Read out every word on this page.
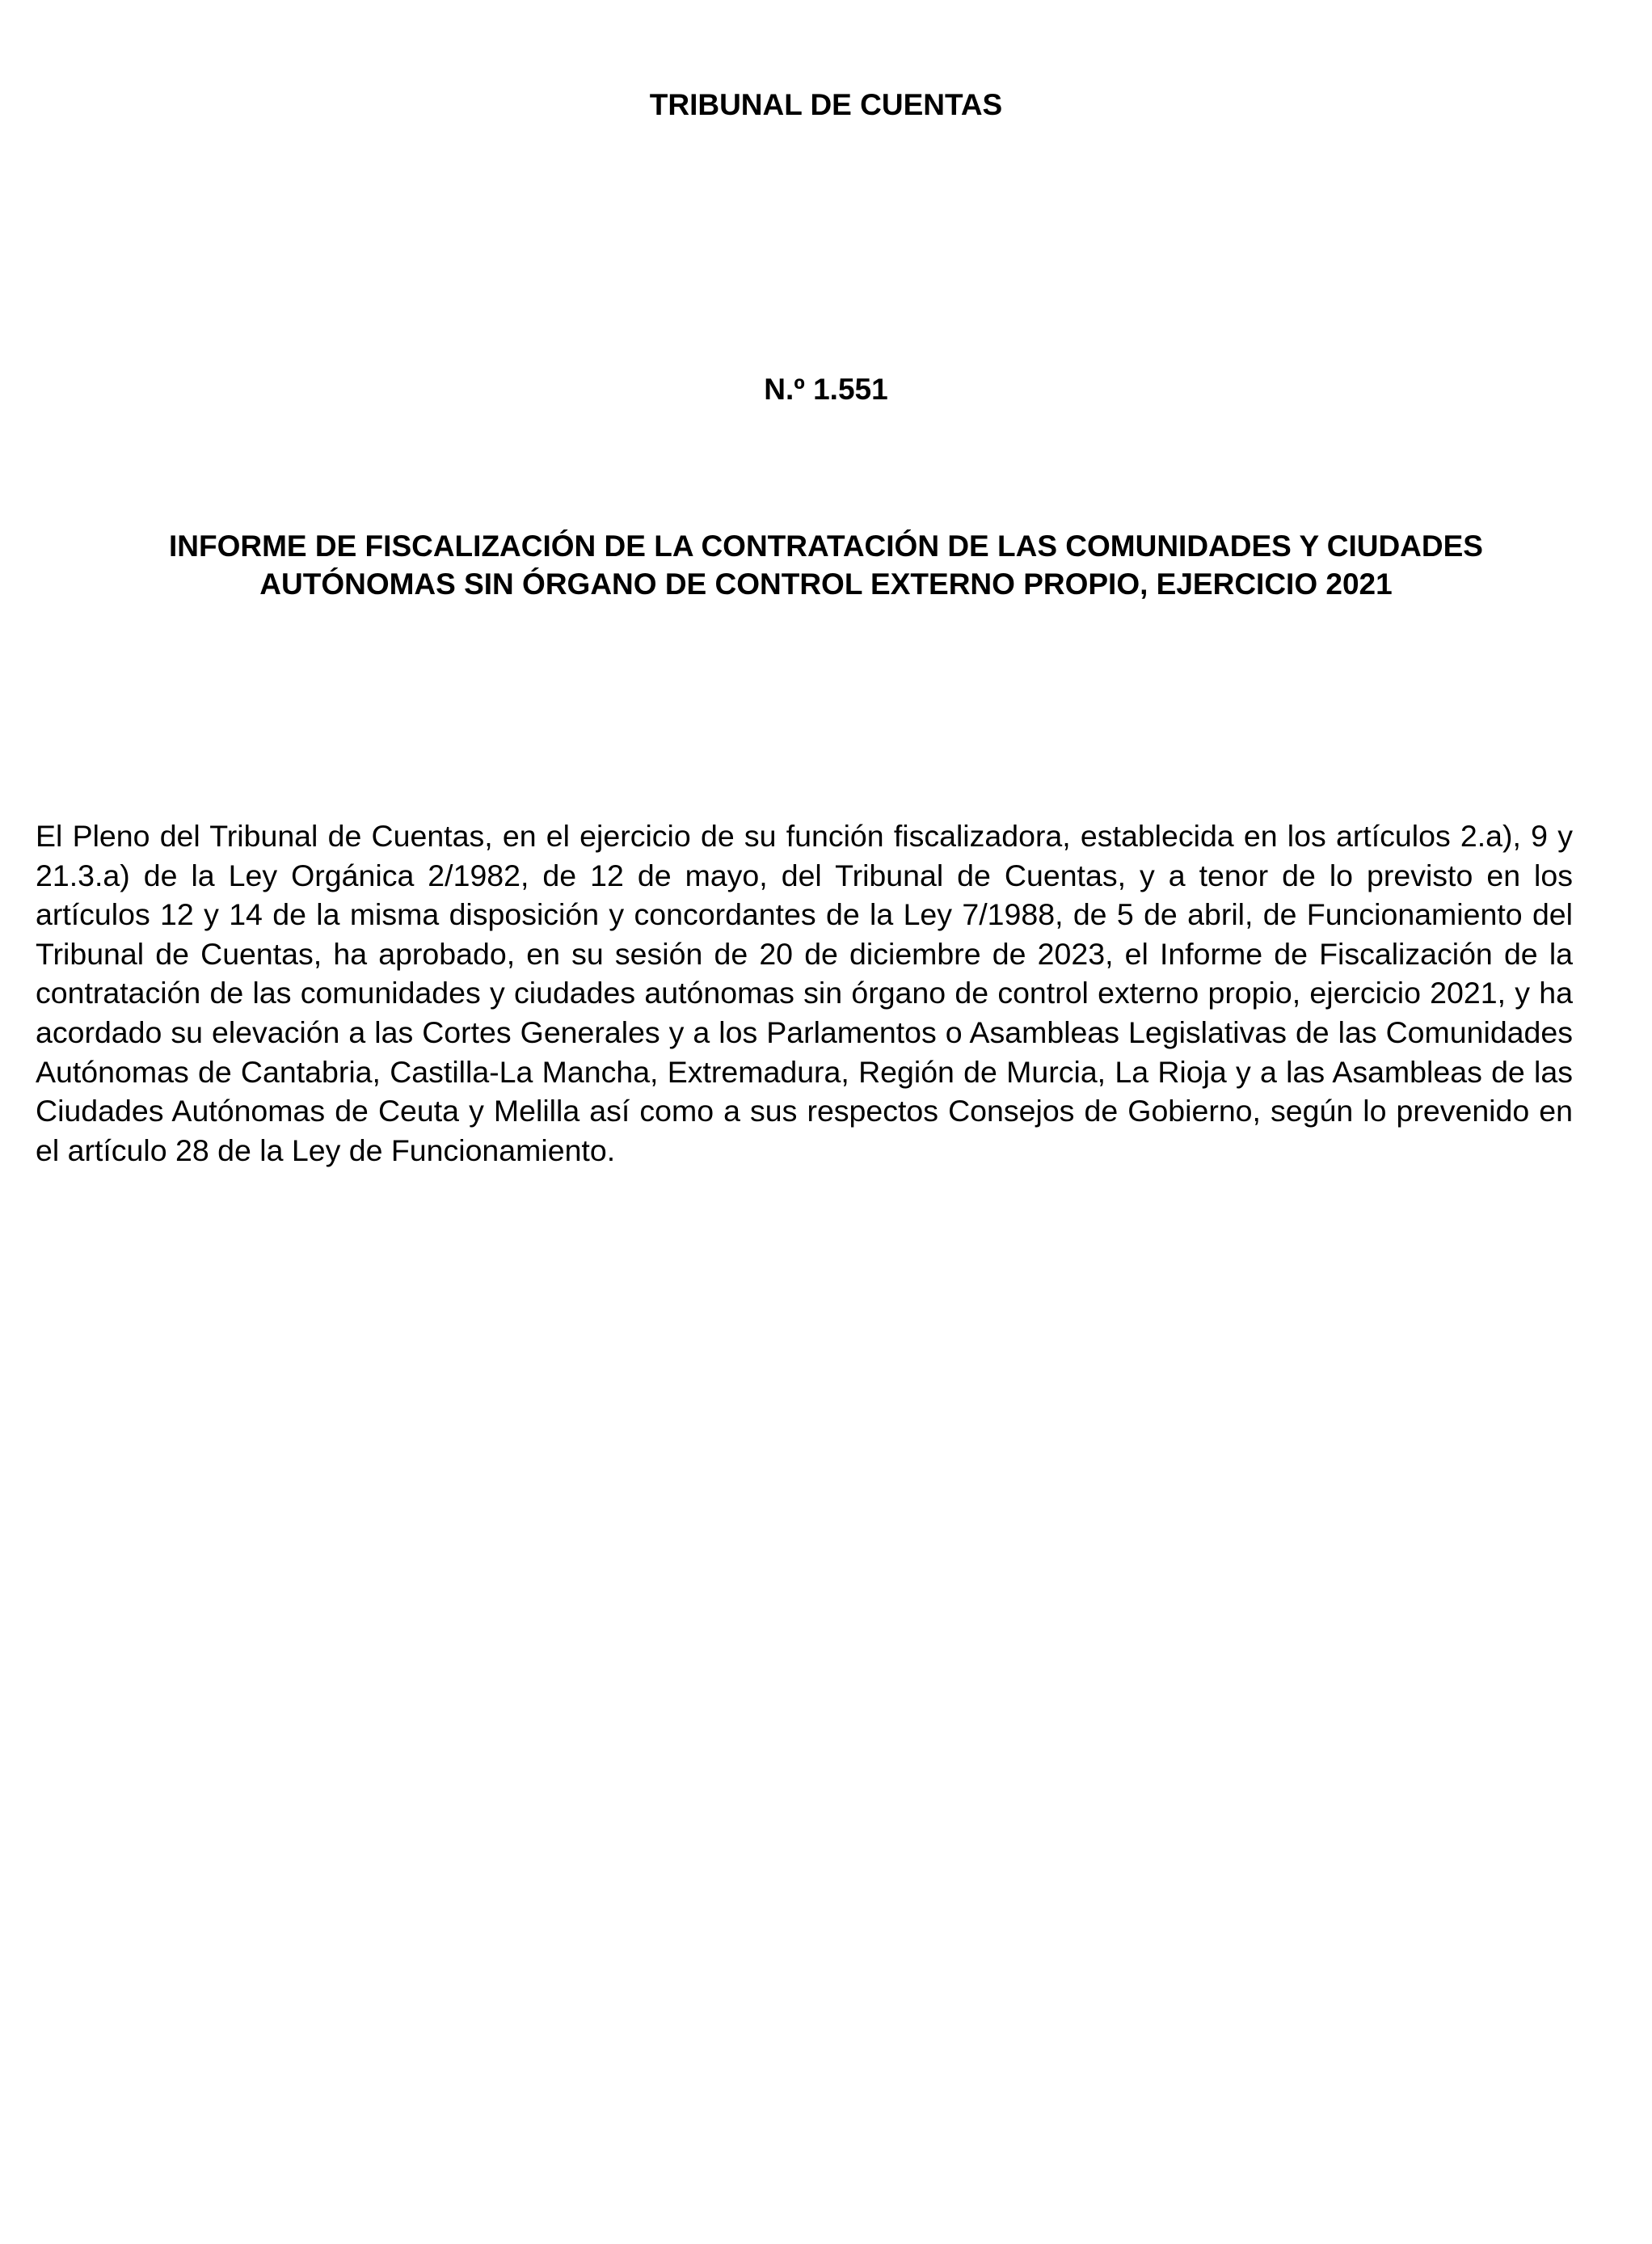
TRIBUNAL DE CUENTAS

N.º 1.551

INFORME DE FISCALIZACIÓN DE LA CONTRATACIÓN DE LAS COMUNIDADES Y CIUDADES AUTÓNOMAS SIN ÓRGANO DE CONTROL EXTERNO PROPIO, EJERCICIO 2021

El Pleno del Tribunal de Cuentas, en el ejercicio de su función fiscalizadora, establecida en los artículos 2.a), 9 y 21.3.a) de la Ley Orgánica 2/1982, de 12 de mayo, del Tribunal de Cuentas, y a tenor de lo previsto en los artículos 12 y 14 de la misma disposición y concordantes de la Ley 7/1988, de 5 de abril, de Funcionamiento del Tribunal de Cuentas, ha aprobado, en su sesión de 20 de diciembre de 2023, el Informe de Fiscalización de la contratación de las comunidades y ciudades autónomas sin órgano de control externo propio, ejercicio 2021, y ha acordado su elevación a las Cortes Generales y a los Parlamentos o Asambleas Legislativas de las Comunidades Autónomas de Cantabria, Castilla-La Mancha, Extremadura, Región de Murcia, La Rioja y a las Asambleas de las Ciudades Autónomas de Ceuta y Melilla así como a sus respectos Consejos de Gobierno, según lo prevenido en el artículo 28 de la Ley de Funcionamiento.
